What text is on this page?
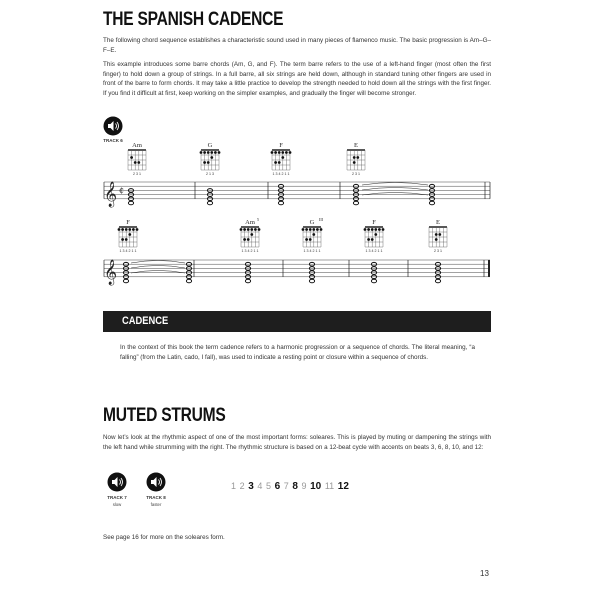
THE SPANISH CADENCE
The following chord sequence establishes a characteristic sound used in many pieces of flamenco music. The basic progression is Am–G–F–E.
This example introduces some barre chords (Am, G, and F). The term barre refers to the use of a left-hand finger (most often the first finger) to hold down a group of strings. In a full barre, all six strings are held down, although in standard tuning other fingers are used in front of the barre to form chords. It may take a little practice to develop the strength needed to hold down all the strings with the first finger. If you find it difficult at first, keep working on the simpler examples, and gradually the finger will become stronger.
TRACK 6
Am
2 3 1
G
2 1 3
F
1 3 4 2 1 1
E
2 3 1
F
1 3 4 2 1 1
Am 5
1 3 4 2 1 1
G III
1 3 4 2 1 1
F
1 3 4 2 1 1
E
2 3 1
𝄞 ¢
𝄞
CADENCE
In the context of this book the term cadence refers to a harmonic progression or a sequence of chords. The literal meaning, “a falling” (from the Latin, cado, I fall), was used to indicate a resting point or closure within a sequence of chords.
MUTED STRUMS
Now let’s look at the rhythmic aspect of one of the most important forms: soleares. This is played by muting or dampening the strings with the left hand while strumming with the right. The rhythmic structure is based on a 12-beat cycle with accents on beats 3, 6, 8, 10, and 12:
TRACK 7
slow
TRACK 8
faster
1 2 3 4 5 6 7 8 9 10 11 12
See page 16 for more on the soleares form.
13
